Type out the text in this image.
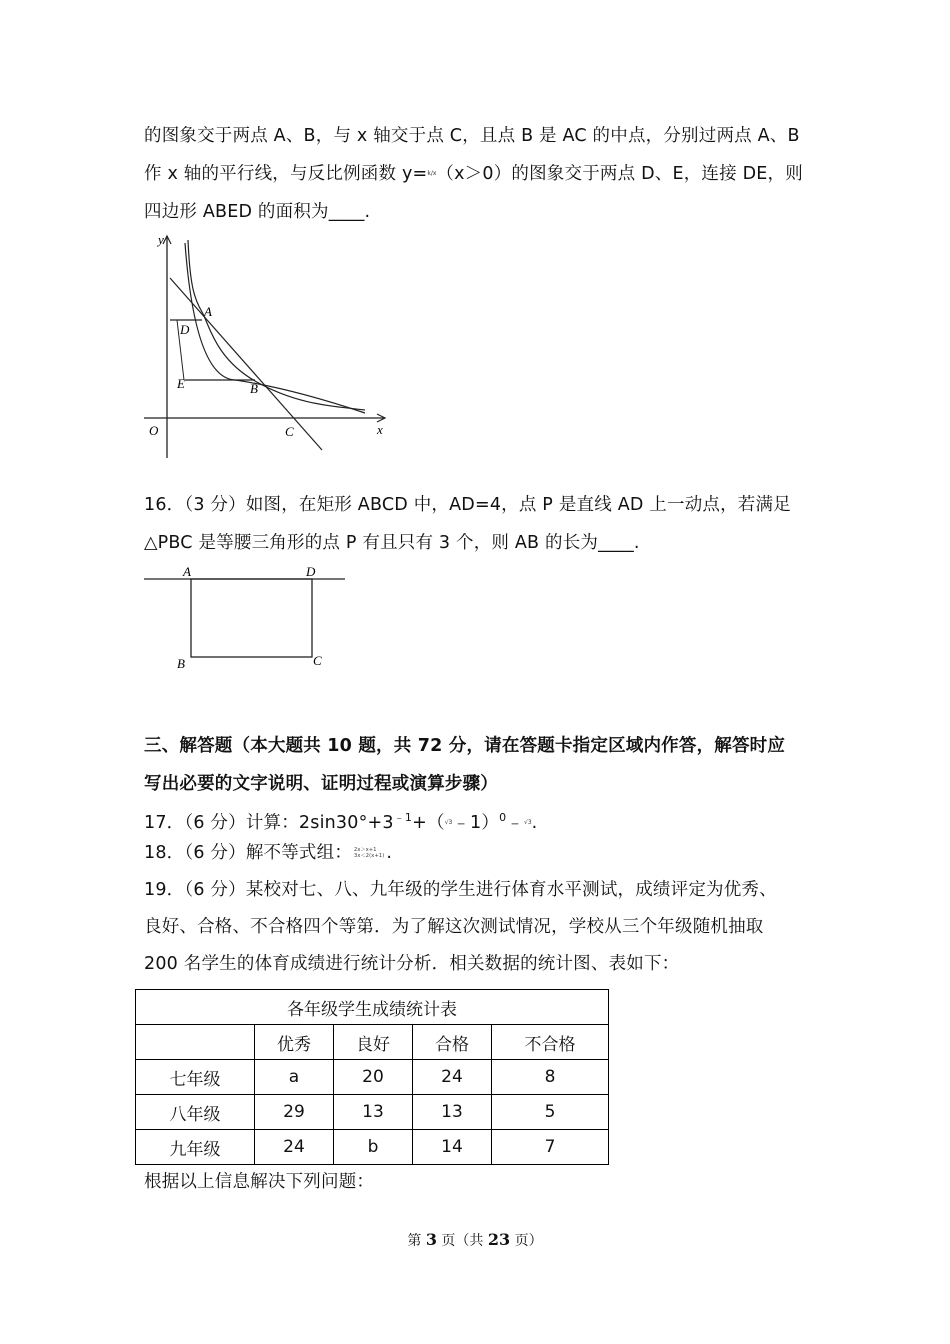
的图象交于两点 A、B，与 x 轴交于点 C，且点 B 是 AC 的中点，分别过两点 A、B
作 x 轴的平行线，与反比例函数 y=k/x（x＞0）的图象交于两点 D、E，连接 DE，则
四边形 ABED 的面积为____.
y
A
D
E	B
O	C	x
16．（3 分）如图，在矩形 ABCD 中，AD=4，点 P 是直线 AD 上一动点，若满足
△PBC 是等腰三角形的点 P 有且只有 3 个，则 AB 的长为____.
A	D
B	C
三、解答题（本大题共 10 题，共 72 分，请在答题卡指定区域内作答，解答时应
写出必要的文字说明、证明过程或演算步骤）
17．（6 分）计算：$2\sin 30^\circ+3^{﹣1}+(√3﹣1)^0﹣√3$.
18．（6 分）解不等式组： 2x＞x+1
3x＜2(x+1) .
19．（6 分）某校对七、八、九年级的学生进行体育水平测试，成绩评定为优秀、
良好、合格、不合格四个等第．为了解这次测试情况，学校从三个年级随机抽取
200 名学生的体育成绩进行统计分析．相关数据的统计图、表如下：
各年级学生成绩统计表				
	优秀	良好	合格	不合格
七年级	a	20	24	8
八年级	29	13	13	5
九年级	24	b	14	7
根据以上信息解决下列问题：
第 3 页（共 23 页）
